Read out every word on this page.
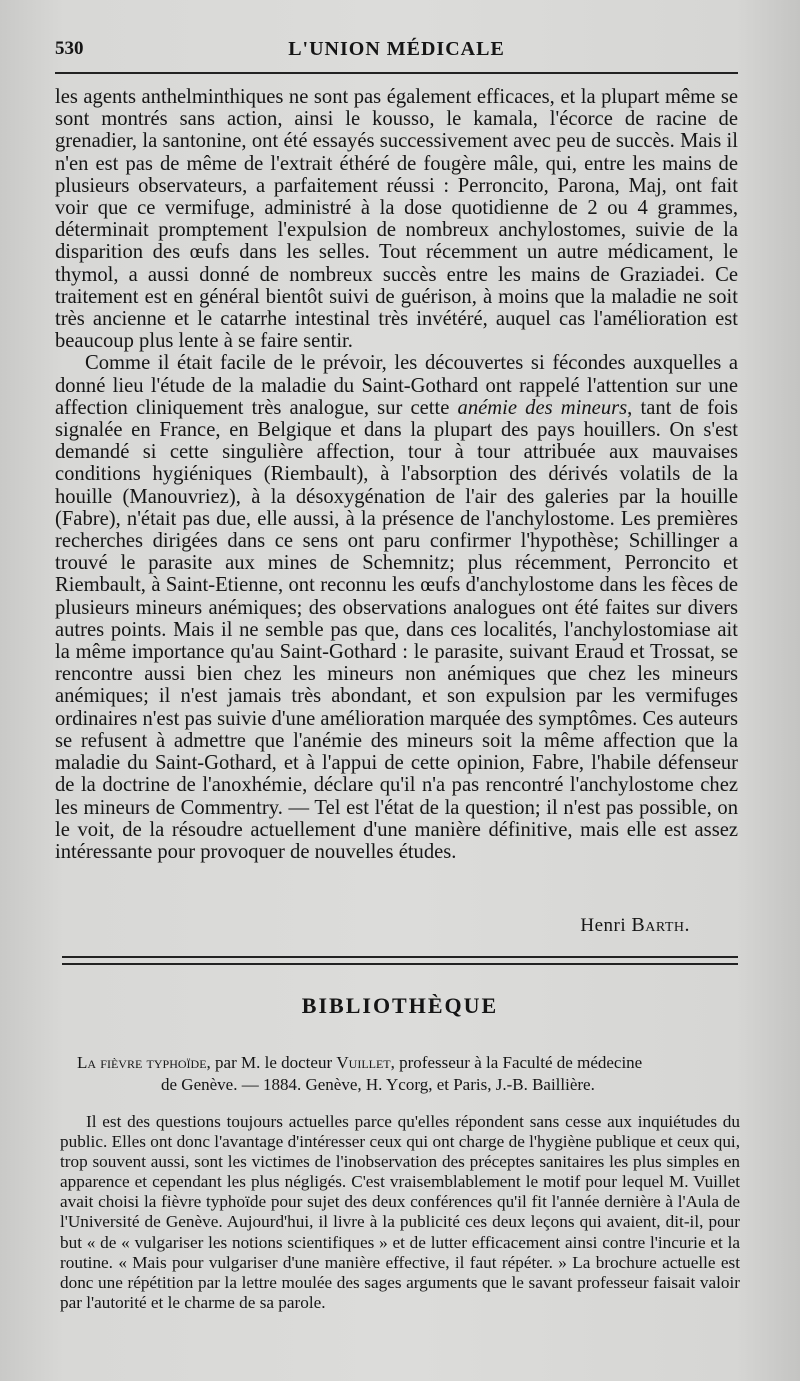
530	L'UNION MÉDICALE

les agents anthelminthiques ne sont pas également efficaces, et la plupart même se sont montrés sans action, ainsi le kousso, le kamala, l'écorce de racine de grenadier, la santonine, ont été essayés successivement avec peu de succès. Mais il n'en est pas de même de l'extrait éthéré de fougère mâle, qui, entre les mains de plusieurs observateurs, a parfaitement réussi : Perroncito, Parona, Maj, ont fait voir que ce vermifuge, administré à la dose quotidienne de 2 ou 4 grammes, déterminait promptement l'expulsion de nombreux anchylostomes, suivie de la disparition des œufs dans les selles. Tout récemment un autre médicament, le thymol, a aussi donné de nombreux succès entre les mains de Graziadei. Ce traitement est en général bientôt suivi de guérison, à moins que la maladie ne soit très ancienne et le catarrhe intestinal très invétéré, auquel cas l'amélioration est beaucoup plus lente à se faire sentir.

Comme il était facile de le prévoir, les découvertes si fécondes auxquelles a donné lieu l'étude de la maladie du Saint-Gothard ont rappelé l'attention sur une affection cliniquement très analogue, sur cette anémie des mineurs, tant de fois signalée en France, en Belgique et dans la plupart des pays houillers. On s'est demandé si cette singulière affection, tour à tour attribuée aux mauvaises conditions hygiéniques (Riembault), à l'absorption des dérivés volatils de la houille (Manouvriez), à la désoxygénation de l'air des galeries par la houille (Fabre), n'était pas due, elle aussi, à la présence de l'anchylostome. Les premières recherches dirigées dans ce sens ont paru confirmer l'hypothèse; Schillinger a trouvé le parasite aux mines de Schemnitz; plus récemment, Perroncito et Riembault, à Saint-Etienne, ont reconnu les œufs d'anchylostome dans les fèces de plusieurs mineurs anémiques; des observations analogues ont été faites sur divers autres points. Mais il ne semble pas que, dans ces localités, l'anchylostomiase ait la même importance qu'au Saint-Gothard : le parasite, suivant Eraud et Trossat, se rencontre aussi bien chez les mineurs non anémiques que chez les mineurs anémiques; il n'est jamais très abondant, et son expulsion par les vermifuges ordinaires n'est pas suivie d'une amélioration marquée des symptômes. Ces auteurs se refusent à admettre que l'anémie des mineurs soit la même affection que la maladie du Saint-Gothard, et à l'appui de cette opinion, Fabre, l'habile défenseur de la doctrine de l'anoxhémie, déclare qu'il n'a pas rencontré l'anchylostome chez les mineurs de Commentry. — Tel est l'état de la question; il n'est pas possible, on le voit, de la résoudre actuellement d'une manière définitive, mais elle est assez intéressante pour provoquer de nouvelles études.

Henri Barth.
BIBLIOTHÈQUE
La fièvre typhoïde, par M. le docteur Vuillet, professeur à la Faculté de médecine
de Genève. — 1884. Genève, H. Ycorg, et Paris, J.-B. Baillière.
Il est des questions toujours actuelles parce qu'elles répondent sans cesse aux inquiétudes du public. Elles ont donc l'avantage d'intéresser ceux qui ont charge de l'hygiène publique et ceux qui, trop souvent aussi, sont les victimes de l'inobservation des préceptes sanitaires les plus simples en apparence et cependant les plus négligés. C'est vraisemblablement le motif pour lequel M. Vuillet avait choisi la fièvre typhoïde pour sujet des deux conférences qu'il fit l'année dernière à l'Aula de l'Université de Genève. Aujourd'hui, il livre à la publicité ces deux leçons qui avaient, dit-il, pour but « de « vulgariser les notions scientifiques » et de lutter efficacement ainsi contre l'incurie et la routine. « Mais pour vulgariser d'une manière effective, il faut répéter. » La brochure actuelle est donc une répétition par la lettre moulée des sages arguments que le savant professeur faisait valoir par l'autorité et le charme de sa parole.
